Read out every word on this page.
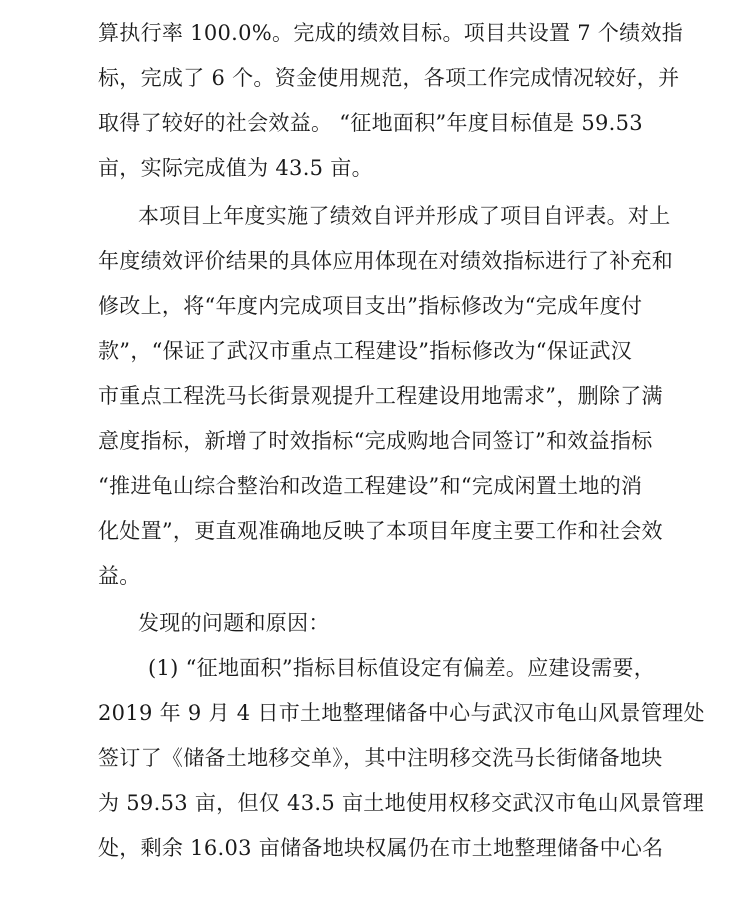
算执行率 100.0%。完成的绩效目标。项目共设置 7 个绩效指
标，完成了 6 个。资金使用规范，各项工作完成情况较好，并
取得了较好的社会效益。 “征地面积”年度目标值是 59.53
亩，实际完成值为 43.5 亩。
本项目上年度实施了绩效自评并形成了项目自评表。对上
年度绩效评价结果的具体应用体现在对绩效指标进行了补充和
修改上，将“年度内完成项目支出”指标修改为“完成年度付
款”，“保证了武汉市重点工程建设”指标修改为“保证武汉
市重点工程洗马长街景观提升工程建设用地需求”，删除了满
意度指标，新增了时效指标“完成购地合同签订”和效益指标
“推进龟山综合整治和改造工程建设”和“完成闲置土地的消
化处置”，更直观准确地反映了本项目年度主要工作和社会效
益。
发现的问题和原因：
(1) “征地面积”指标目标值设定有偏差。应建设需要，
2019 年 9 月 4 日市土地整理储备中心与武汉市龟山风景管理处
签订了《储备土地移交单》，其中注明移交洗马长街储备地块
为 59.53 亩，但仅 43.5 亩土地使用权移交武汉市龟山风景管理
处，剩余 16.03 亩储备地块权属仍在市土地整理储备中心名
